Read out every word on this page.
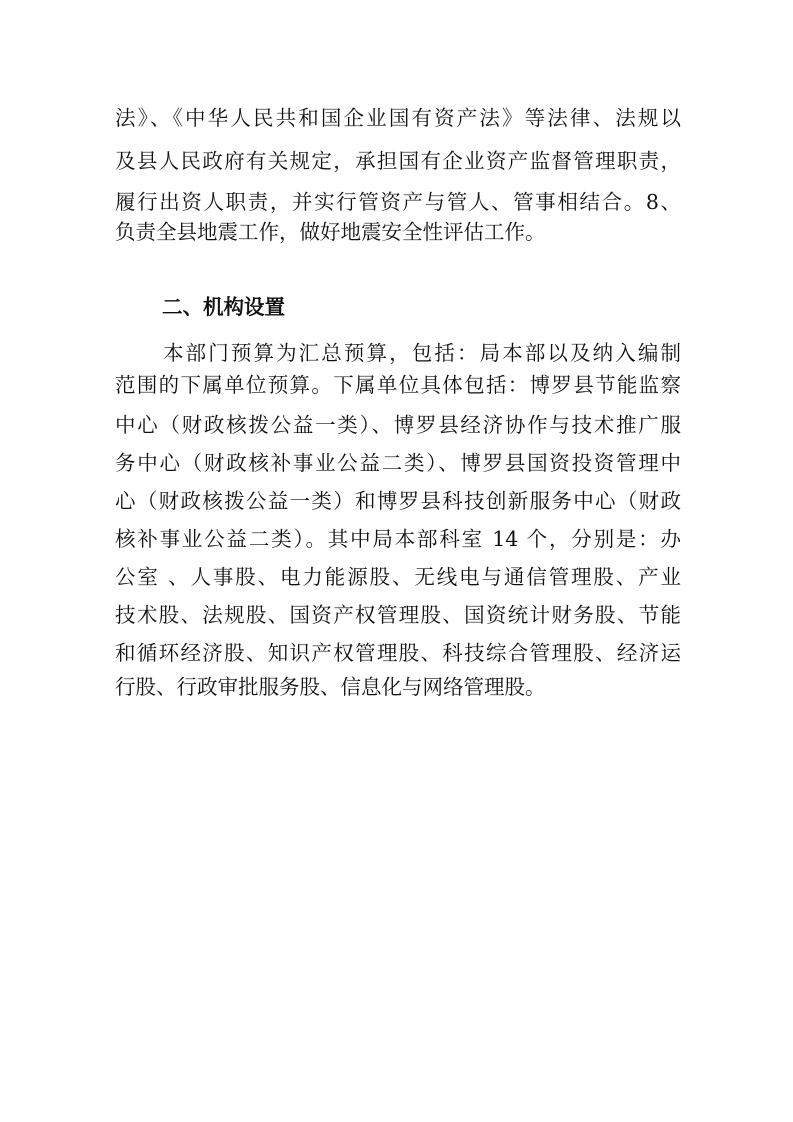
法》、《中华人民共和国企业国有资产法》等法律、法规以
及县人民政府有关规定，承担国有企业资产监督管理职责，
履行出资人职责，并实行管资产与管人、管事相结合。8、
负责全县地震工作，做好地震安全性评估工作。
二、机构设置
本部门预算为汇总预算，包括：局本部以及纳入编制
范围的下属单位预算。下属单位具体包括：博罗县节能监察
中心（财政核拨公益一类）、博罗县经济协作与技术推广服
务中心（财政核补事业公益二类）、博罗县国资投资管理中
心（财政核拨公益一类）和博罗县科技创新服务中心（财政
核补事业公益二类）。其中局本部科室 14 个，分别是：办
公室 、人事股、电力能源股、无线电与通信管理股、产业
技术股、法规股、国资产权管理股、国资统计财务股、节能
和循环经济股、知识产权管理股、科技综合管理股、经济运
行股、行政审批服务股、信息化与网络管理股。
